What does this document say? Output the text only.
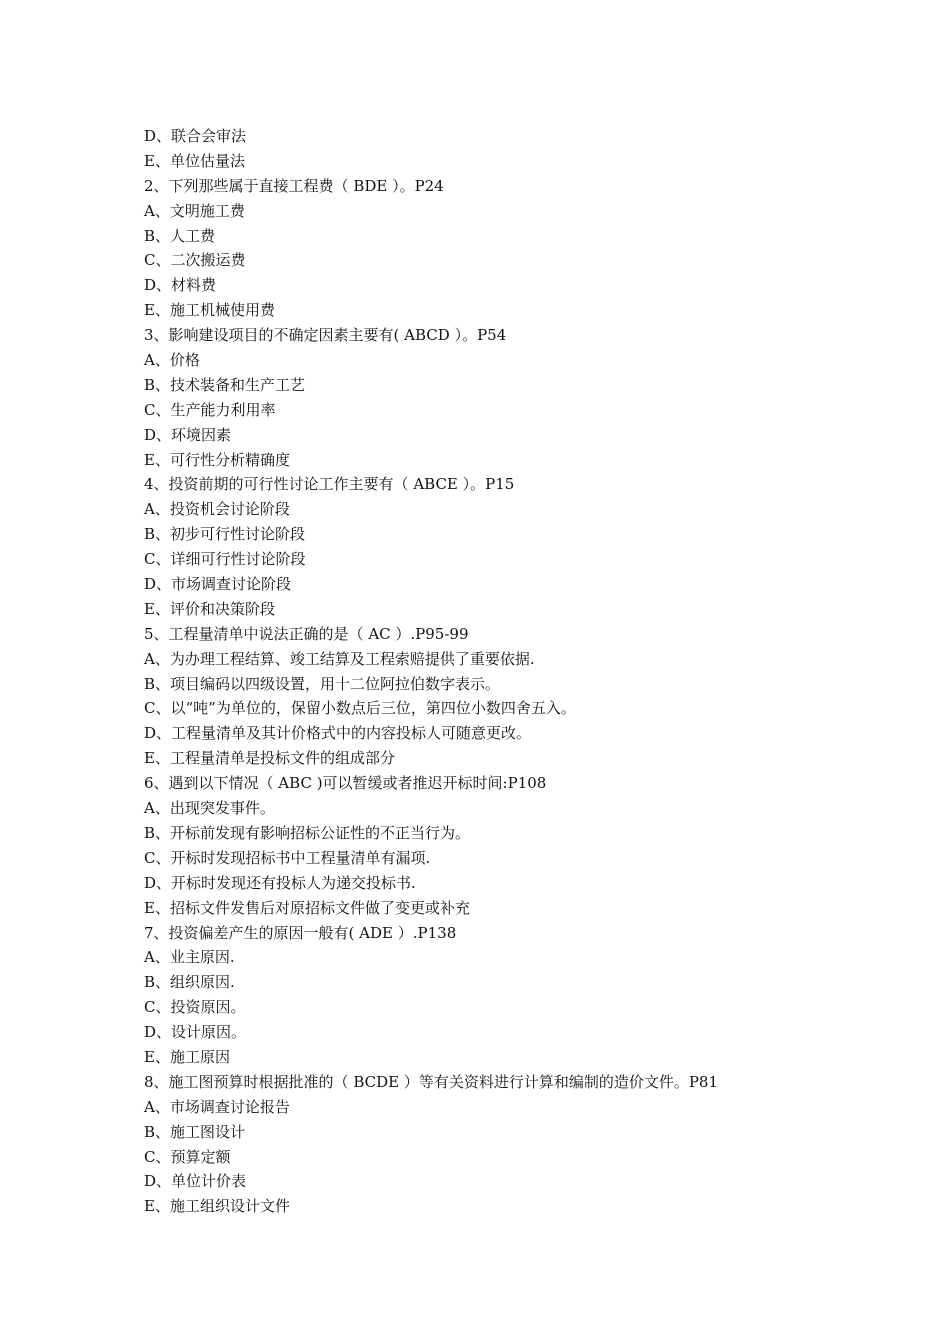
D、联合会审法
E、单位估量法
2、下列那些属于直接工程费（ BDE ）。P24
A、文明施工费
B、人工费
C、二次搬运费
D、材料费
E、施工机械使用费
3、影响建设项目的不确定因素主要有( ABCD ）。P54
A、价格
B、技术装备和生产工艺
C、生产能力利用率
D、环境因素
E、可行性分析精确度
4、投资前期的可行性讨论工作主要有（ ABCE ）。P15
A、投资机会讨论阶段
B、初步可行性讨论阶段
C、详细可行性讨论阶段
D、市场调查讨论阶段
E、评价和决策阶段
5、工程量清单中说法正确的是（ AC ）.P95-99
A、为办理工程结算、竣工结算及工程索赔提供了重要依据.
B、项目编码以四级设置，用十二位阿拉伯数字表示。
C、以“吨”为单位的，保留小数点后三位，第四位小数四舍五入。
D、工程量清单及其计价格式中的内容投标人可随意更改。
E、工程量清单是投标文件的组成部分
6、遇到以下情况（ ABC )可以暂缓或者推迟开标时间:P108
A、出现突发事件。
B、开标前发现有影响招标公证性的不正当行为。
C、开标时发现招标书中工程量清单有漏项.
D、开标时发现还有投标人为递交投标书.
E、招标文件发售后对原招标文件做了变更或补充
7、投资偏差产生的原因一般有( ADE ）.P138
A、业主原因.
B、组织原因.
C、投资原因。
D、设计原因。
E、施工原因
8、施工图预算时根据批准的（ BCDE ）等有关资料进行计算和编制的造价文件。P81
A、市场调查讨论报告
B、施工图设计
C、预算定额
D、单位计价表
E、施工组织设计文件
